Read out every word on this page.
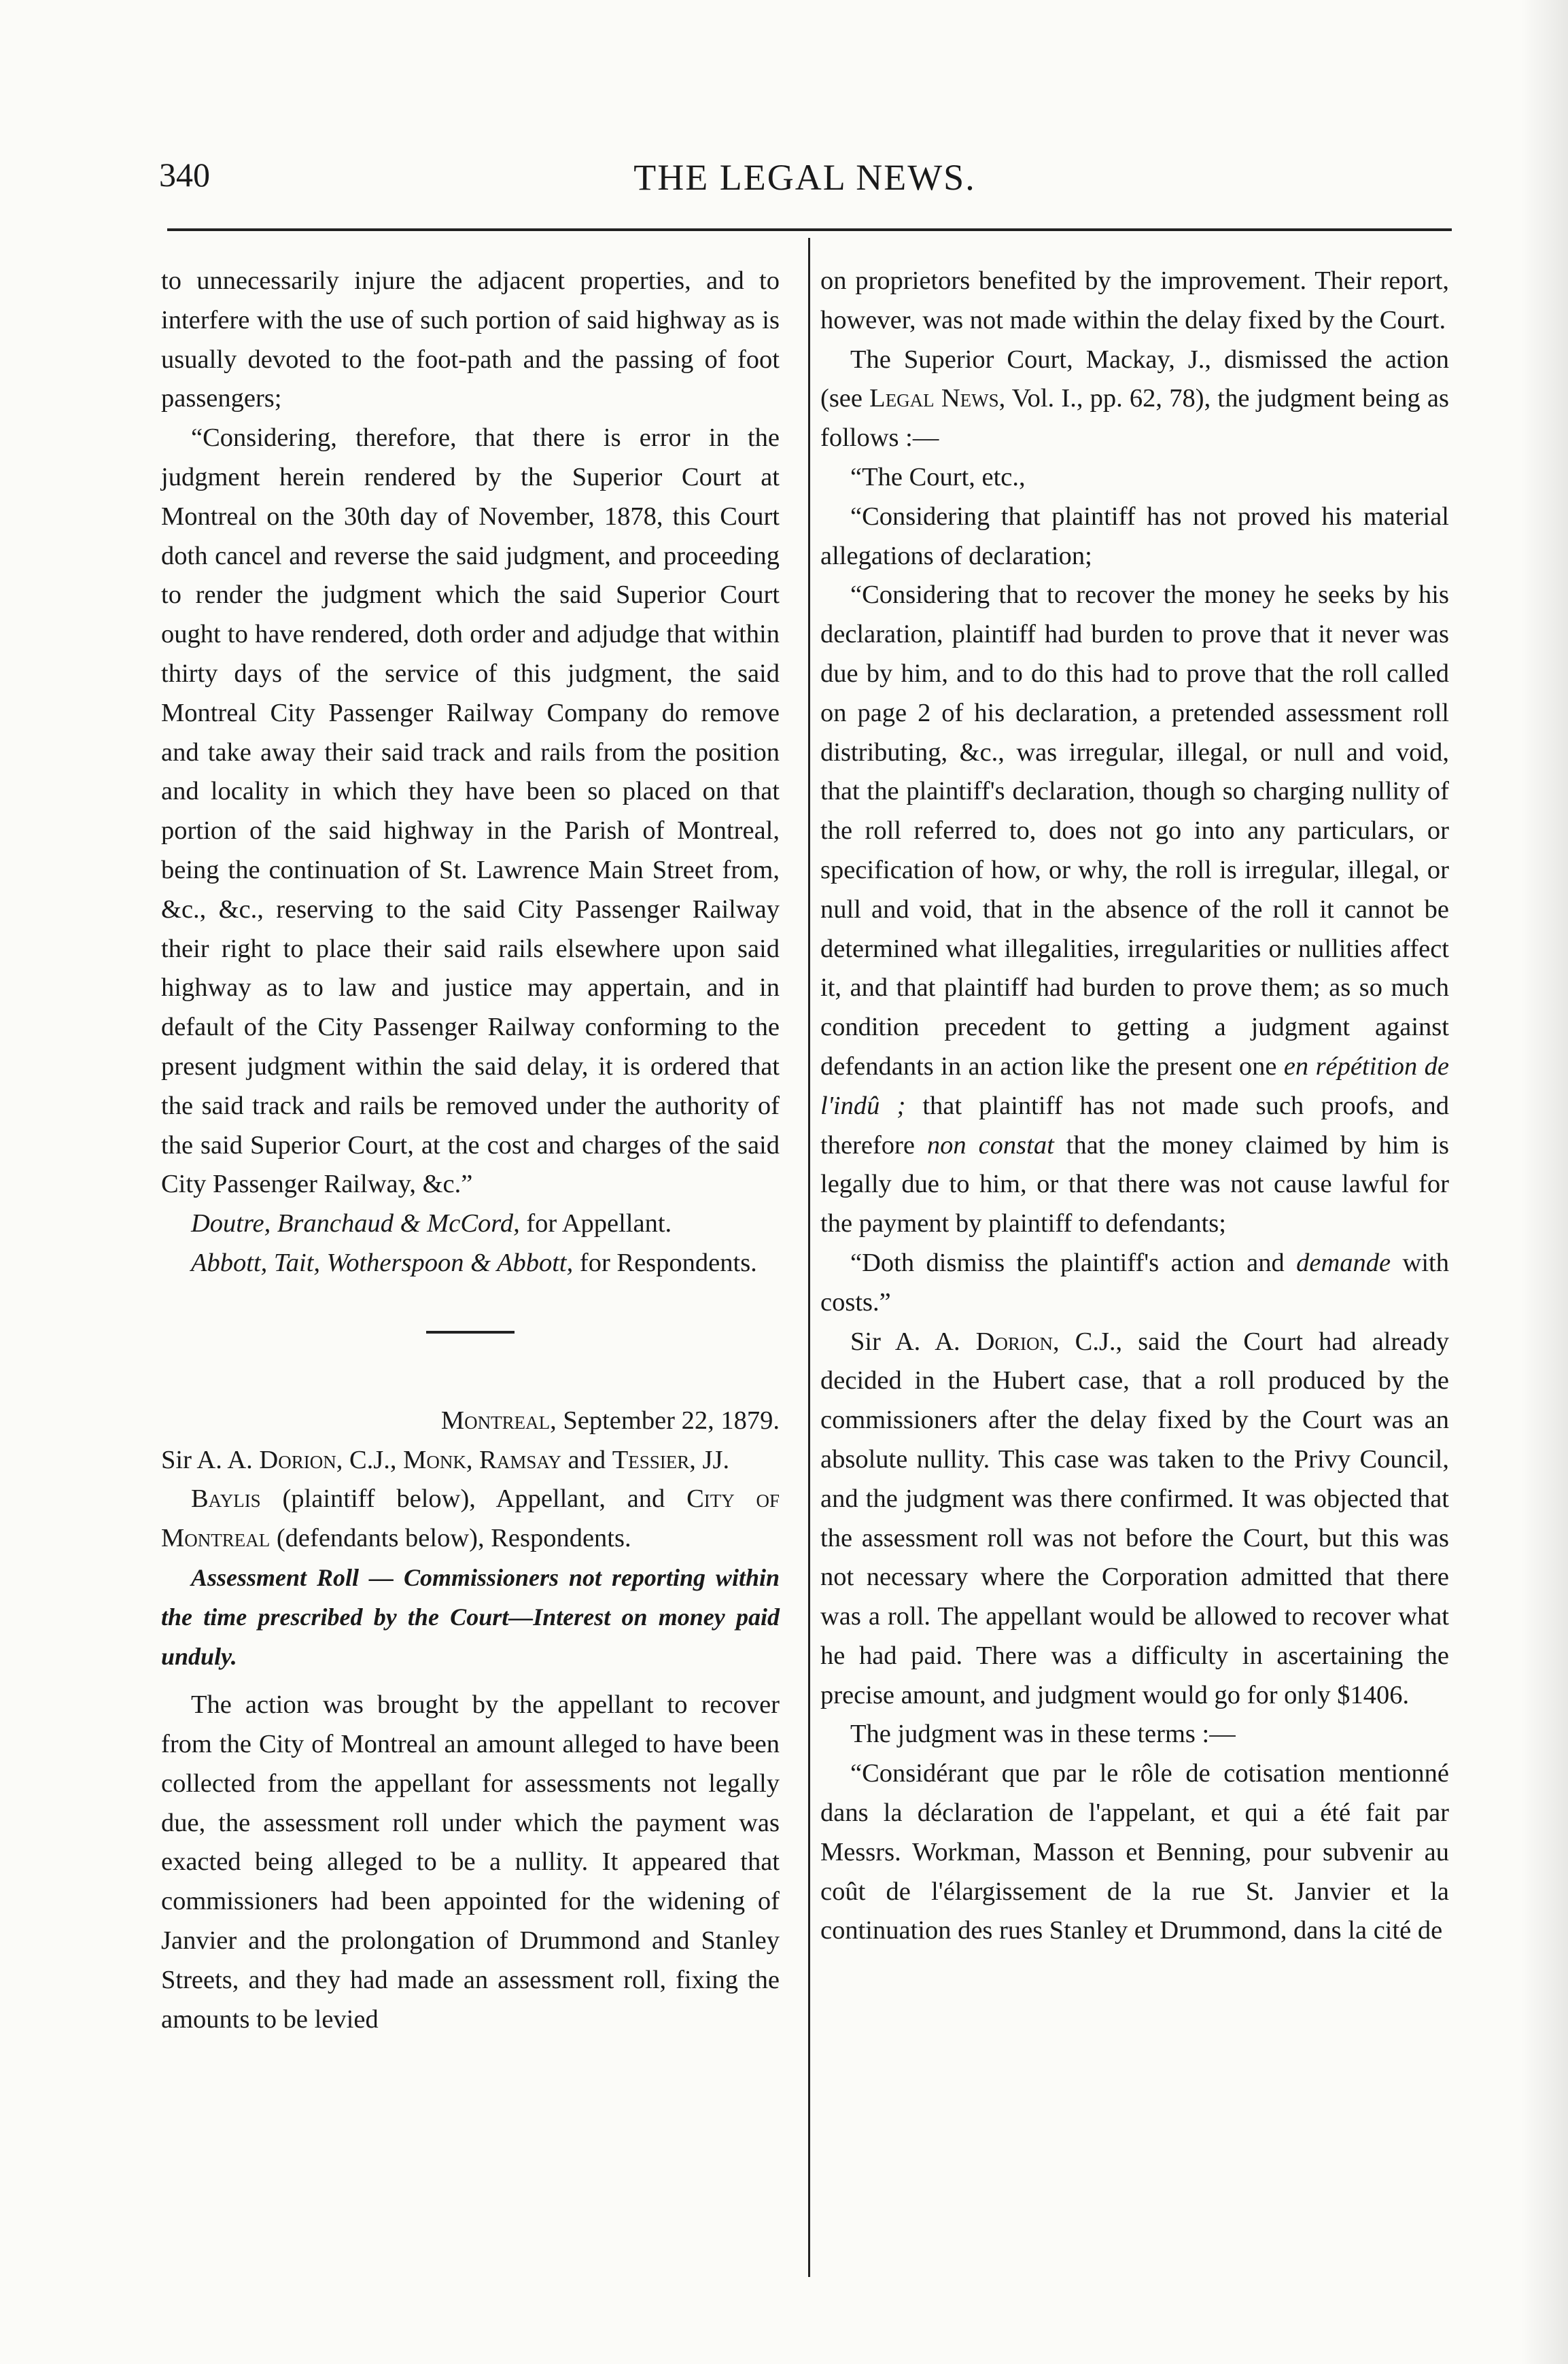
340	THE LEGAL NEWS.

to unnecessarily injure the adjacent properties, and to interfere with the use of such portion of said highway as is usually devoted to the foot-path and the passing of foot passengers;

“Considering, therefore, that there is error in the judgment herein rendered by the Superior Court at Montreal on the 30th day of November, 1878, this Court doth cancel and reverse the said judgment, and proceeding to render the judgment which the said Superior Court ought to have rendered, doth order and adjudge that within thirty days of the service of this judgment, the said Montreal City Passenger Railway Company do remove and take away their said track and rails from the position and locality in which they have been so placed on that portion of the said highway in the Parish of Montreal, being the continuation of St. Lawrence Main Street from, &c., &c., reserving to the said City Passenger Railway their right to place their said rails elsewhere upon said highway as to law and justice may appertain, and in default of the City Passenger Railway conforming to the present judgment within the said delay, it is ordered that the said track and rails be removed under the authority of the said Superior Court, at the cost and charges of the said City Passenger Railway, &c.”

Doutre, Branchaud & McCord, for Appellant.

Abbott, Tait, Wotherspoon & Abbott, for Respondents.

Montreal, September 22, 1879.

Sir A. A. Dorion, C.J., Monk, Ramsay and Tessier, JJ.

Baylis (plaintiff below), Appellant, and City of Montreal (defendants below), Respondents.

Assessment Roll — Commissioners not reporting within the time prescribed by the Court—Interest on money paid unduly.

The action was brought by the appellant to recover from the City of Montreal an amount alleged to have been collected from the appellant for assessments not legally due, the assessment roll under which the payment was exacted being alleged to be a nullity. It appeared that commissioners had been appointed for the widening of Janvier and the prolongation of Drummond and Stanley Streets, and they had made an assessment roll, fixing the amounts to be levied

on proprietors benefited by the improvement. Their report, however, was not made within the delay fixed by the Court.

The Superior Court, Mackay, J., dismissed the action (see Legal News, Vol. I., pp. 62, 78), the judgment being as follows :—

“The Court, etc.,

“Considering that plaintiff has not proved his material allegations of declaration;

“Considering that to recover the money he seeks by his declaration, plaintiff had burden to prove that it never was due by him, and to do this had to prove that the roll called on page 2 of his declaration, a pretended assessment roll distributing, &c., was irregular, illegal, or null and void, that the plaintiff's declaration, though so charging nullity of the roll referred to, does not go into any particulars, or specification of how, or why, the roll is irregular, illegal, or null and void, that in the absence of the roll it cannot be determined what illegalities, irregularities or nullities affect it, and that plaintiff had burden to prove them; as so much condition precedent to getting a judgment against defendants in an action like the present one en répétition de l'indû ; that plaintiff has not made such proofs, and therefore non constat that the money claimed by him is legally due to him, or that there was not cause lawful for the payment by plaintiff to defendants;

“Doth dismiss the plaintiff's action and demande with costs.”

Sir A. A. Dorion, C.J., said the Court had already decided in the Hubert case, that a roll produced by the commissioners after the delay fixed by the Court was an absolute nullity. This case was taken to the Privy Council, and the judgment was there confirmed. It was objected that the assessment roll was not before the Court, but this was not necessary where the Corporation admitted that there was a roll. The appellant would be allowed to recover what he had paid. There was a difficulty in ascertaining the precise amount, and judgment would go for only $1406.

The judgment was in these terms :—

“Considérant que par le rôle de cotisation mentionné dans la déclaration de l'appelant, et qui a été fait par Messrs. Workman, Masson et Benning, pour subvenir au coût de l'élargissement de la rue St. Janvier et la continuation des rues Stanley et Drummond, dans la cité de
